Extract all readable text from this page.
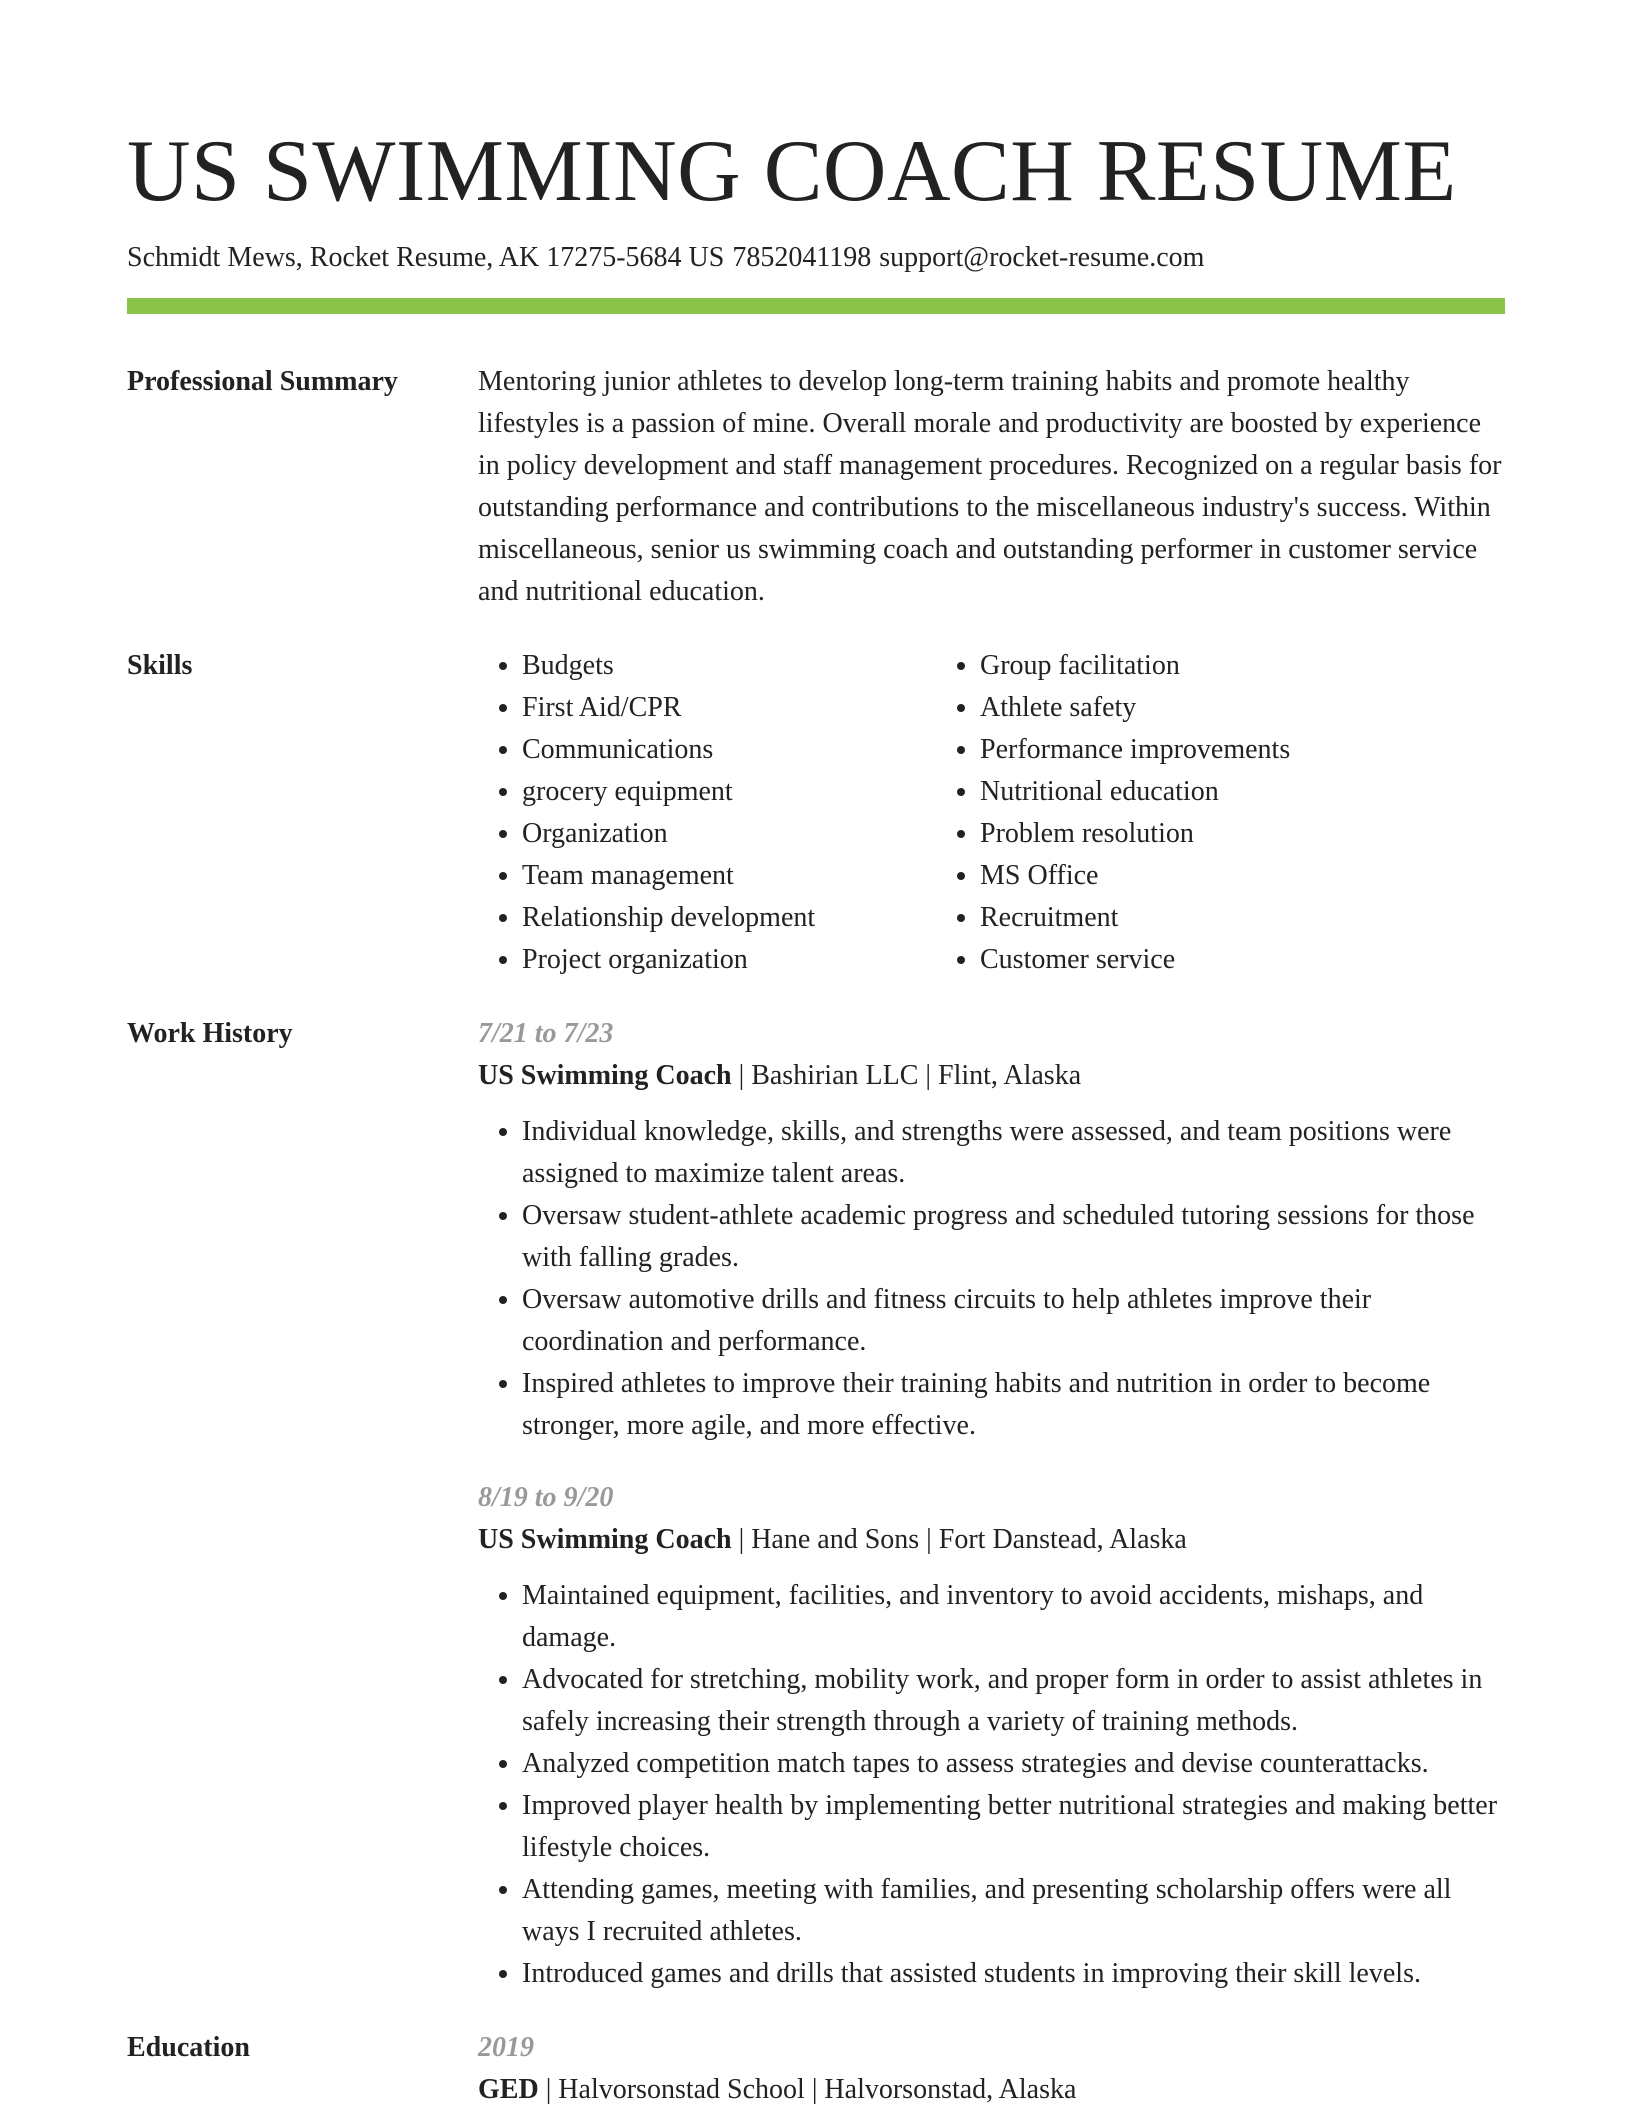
US SWIMMING COACH RESUME
Schmidt Mews, Rocket Resume, AK 17275-5684 US 7852041198 support@rocket-resume.com
Professional Summary	Mentoring junior athletes to develop long-term training habits and promote healthy lifestyles is a passion of mine. Overall morale and productivity are boosted by experience in policy development and staff management procedures. Recognized on a regular basis for outstanding performance and contributions to the miscellaneous industry's success. Within miscellaneous, senior us swimming coach and outstanding performer in customer service and nutritional education.

Skills
•	Budgets
• First Aid/CPR
• Communications
• grocery equipment
• Organization
• Team management
• Relationship development
• Project organization
• Group facilitation
• Athlete safety
• Performance improvements
• Nutritional education
• Problem resolution
• MS Office
• Recruitment
• Customer service
Work History	7/21 to 7/23
US Swimming Coach | Bashirian LLC | Flint, Alaska
• Individual knowledge, skills, and strengths were assessed, and team positions were assigned to maximize talent areas.
• Oversaw student-athlete academic progress and scheduled tutoring sessions for those with falling grades.
• Oversaw automotive drills and fitness circuits to help athletes improve their coordination and performance.
• Inspired athletes to improve their training habits and nutrition in order to become stronger, more agile, and more effective.
8/19 to 9/20
US Swimming Coach | Hane and Sons | Fort Danstead, Alaska
• Maintained equipment, facilities, and inventory to avoid accidents, mishaps, and damage.
• Advocated for stretching, mobility work, and proper form in order to assist athletes in safely increasing their strength through a variety of training methods.
• Analyzed competition match tapes to assess strategies and devise counterattacks.
• Improved player health by implementing better nutritional strategies and making better lifestyle choices.
• Attending games, meeting with families, and presenting scholarship offers were all ways I recruited athletes.
• Introduced games and drills that assisted students in improving their skill levels.
Education	2019
GED | Halvorsonstad School | Halvorsonstad, Alaska
